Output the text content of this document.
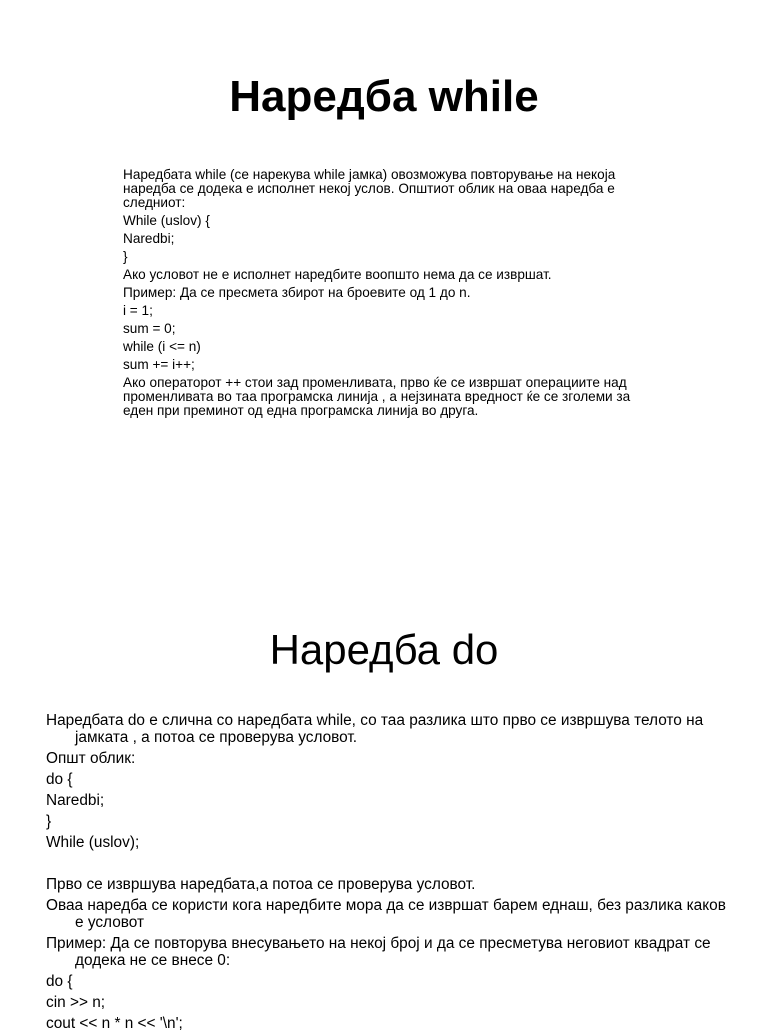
Наредба while
Наредбата while (се нарекува while јамка) овозможува повторување на некоја наредба се додека е исполнет некој услов. Општиот облик на оваа наредба е следниот:
While (uslov) {
Naredbi;
}
Ако условот не е исполнет наредбите воопшто нема да се извршат.
Пример: Да се пресмета збирот на броевите од 1 до n.
i = 1;
sum = 0;
while (i <= n)
sum += i++;
Ако операторот ++ стои зад променливата, прво ќе се извршат операциите над променливата во таа програмска линија , а нејзината вредност ќе се зголеми за еден при преминот од една програмска линија во друга.
Наредба do
Наредбата do е слична со наредбата while, со таа разлика што прво се извршува телото на јамката , а потоа се проверува условот.
Општ облик:
do {
Naredbi;
}
While (uslov);
Прво се извршува наредбата,а потоа се проверува условот.
Оваа наредба се користи кога наредбите мора да се извршат барем еднаш, без разлика каков е условот
Пример: Да се повторува внесувањето на некој број и да се пресметува неговиот квадрат се додека не се внесе 0:
do {
cin >> n;
cout << n * n << '\n';
